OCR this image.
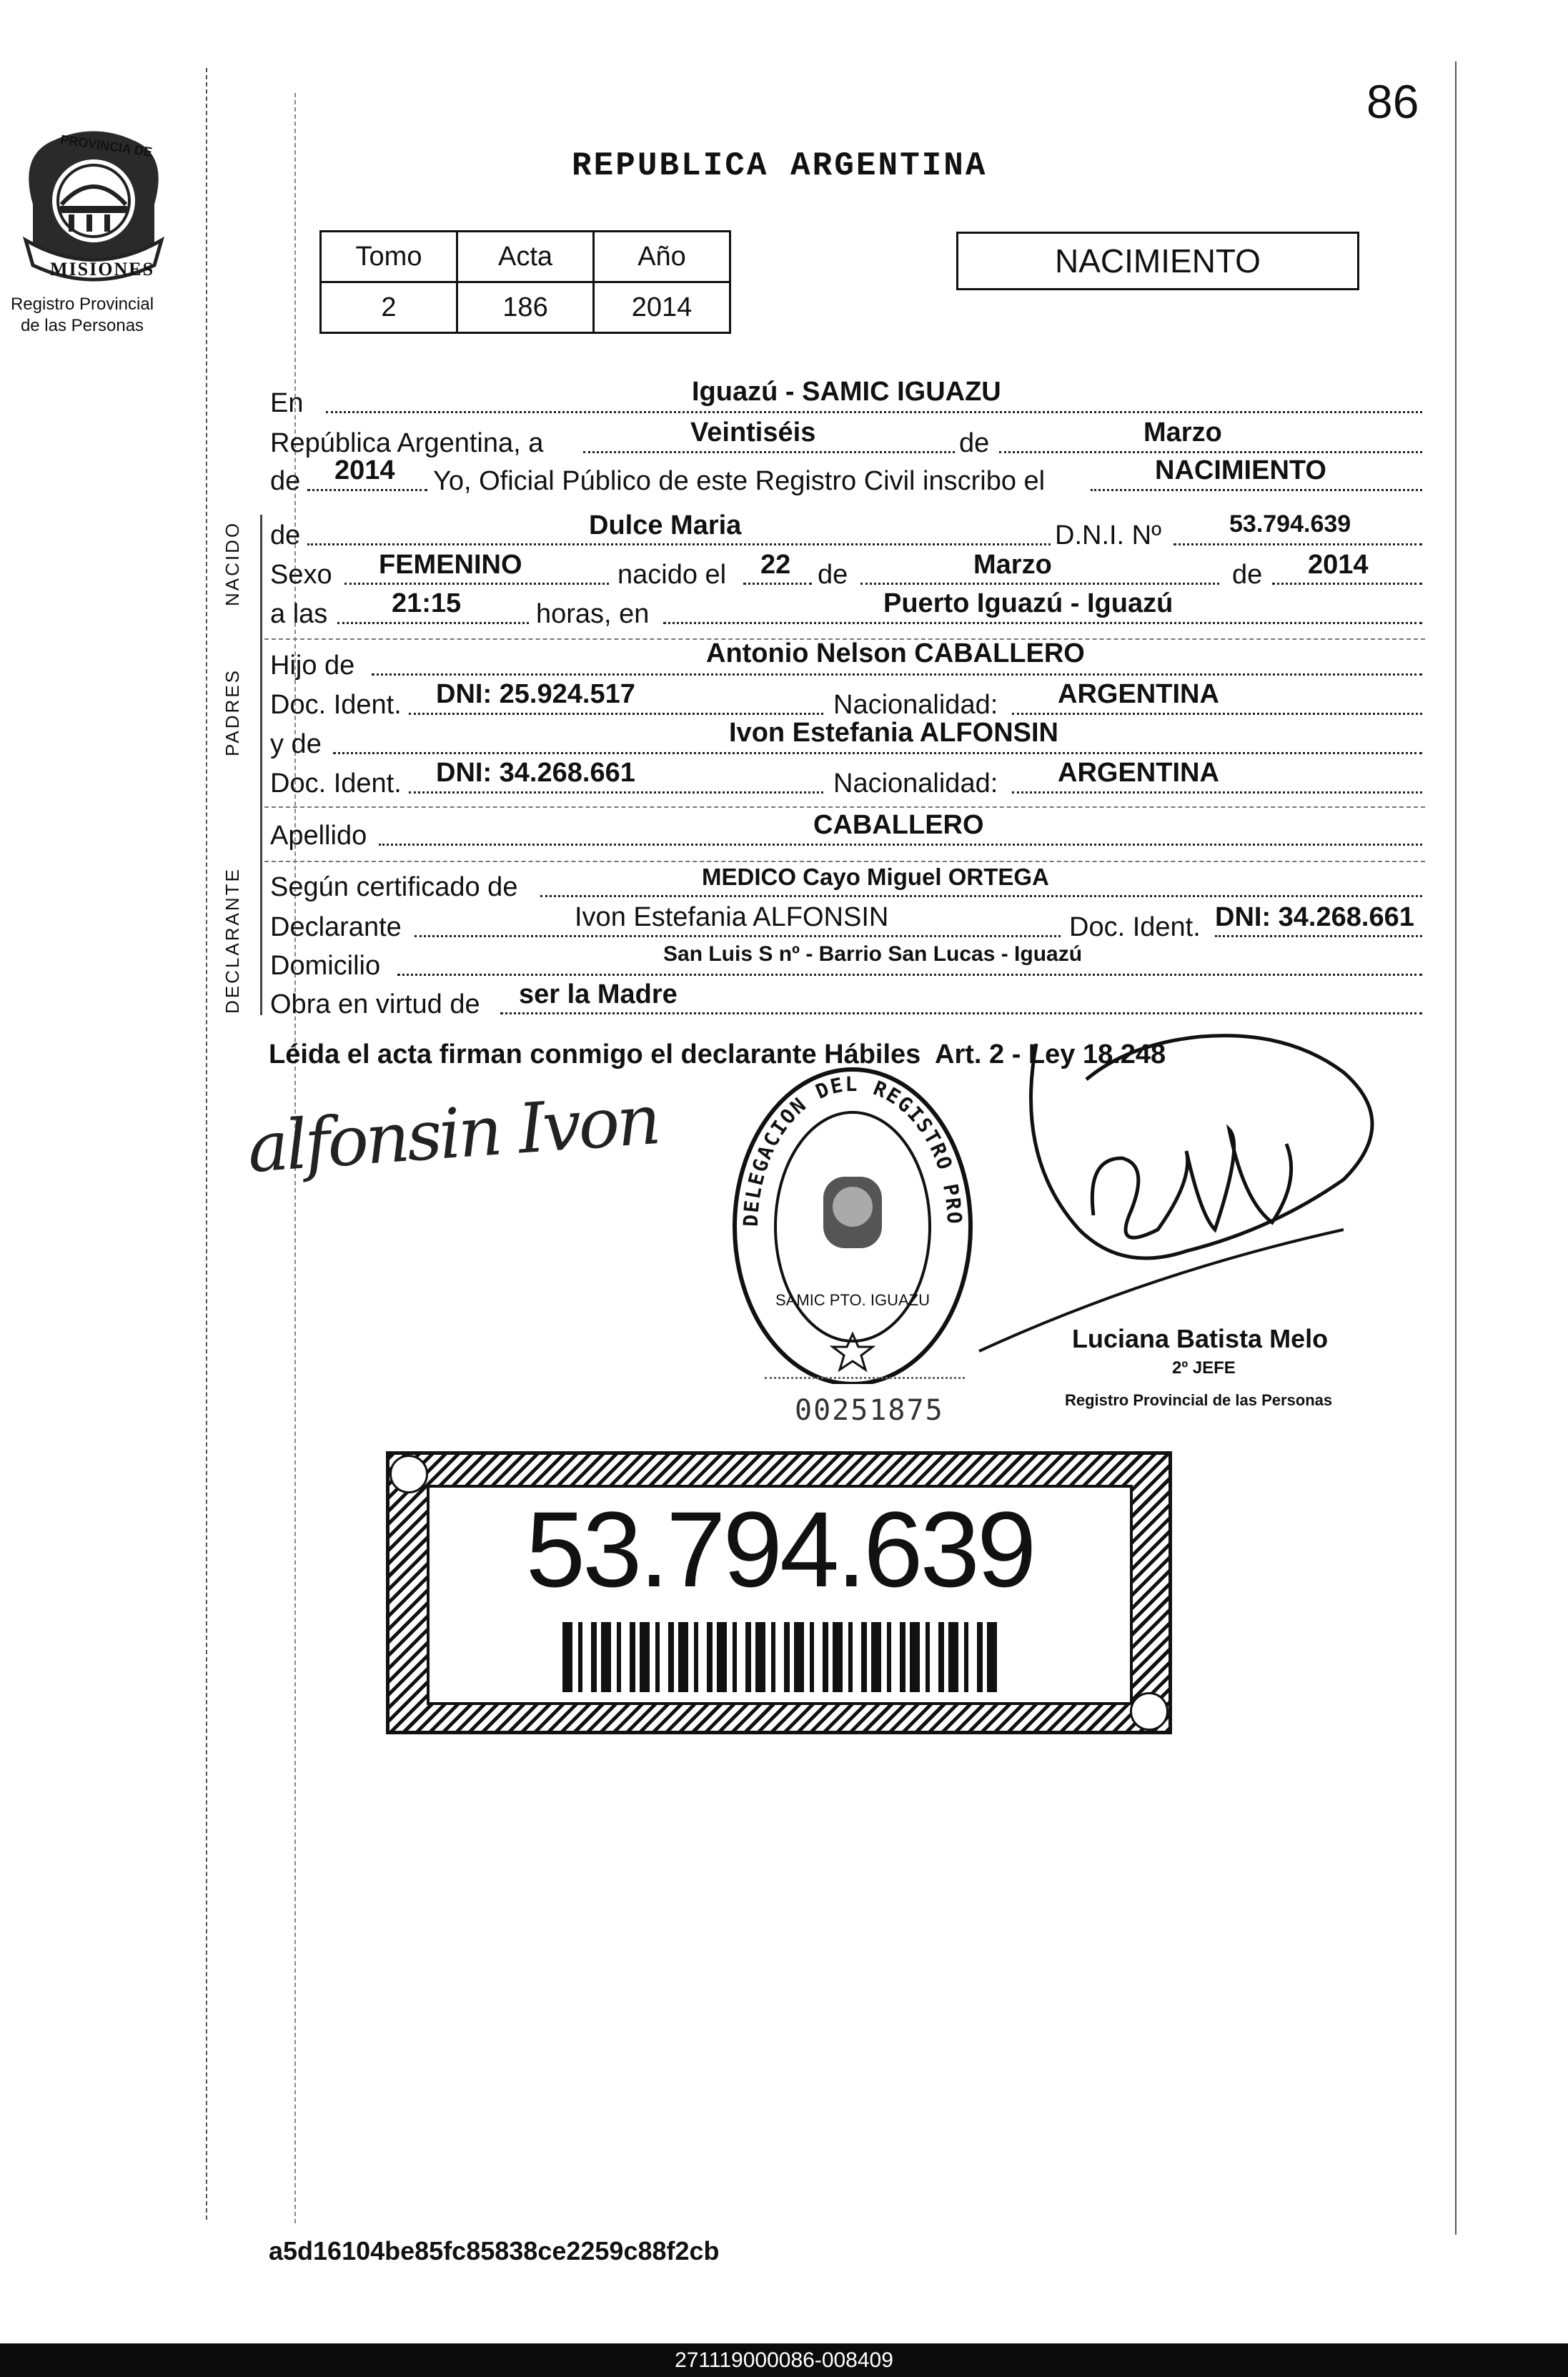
86
PROVINCIA DE
MISIONES
Registro Provincial
de las Personas
REPUBLICA ARGENTINA
Tomo	Acta	Año
2	186	2014
NACIMIENTO
NACIDO
PADRES
DECLARANTE
En	Iguazú - SAMIC IGUAZU
República Argentina, a	Veintiséis	de	Marzo
de 2014 Yo, Oficial Público de este Registro Civil inscribo el	NACIMIENTO
de	Dulce Maria	D.N.I. Nº	53.794.639
Sexo FEMENINO	nacido el 22 de	Marzo	de 2014
a las 21:15	horas, en	Puerto Iguazú - Iguazú
Hijo de	Antonio Nelson CABALLERO
Doc. Ident. DNI: 25.924.517	Nacionalidad: ARGENTINA
y de	Ivon Estefania ALFONSIN
Doc. Ident. DNI: 34.268.661	Nacionalidad: ARGENTINA
Apellido	CABALLERO
Según certificado de	MEDICO Cayo Miguel ORTEGA
Declarante	Ivon Estefania ALFONSIN	Doc. Ident. DNI: 34.268.661
Domicilio	San Luis S nº - Barrio San Lucas - Iguazú
Obra en virtud de ser la Madre
Léida el acta firman conmigo el declarante Hábiles  Art. 2 - Ley 18.248
alfonsin Ivon
DELEGACION DEL REGISTRO PRO
SAMIC PTO. IGUAZU
Luciana Batista Melo
2º JEFE
Registro Provincial de las Personas
00251875
53.794.639
a5d16104be85fc85838ce2259c88f2cb
271119000086-008409
